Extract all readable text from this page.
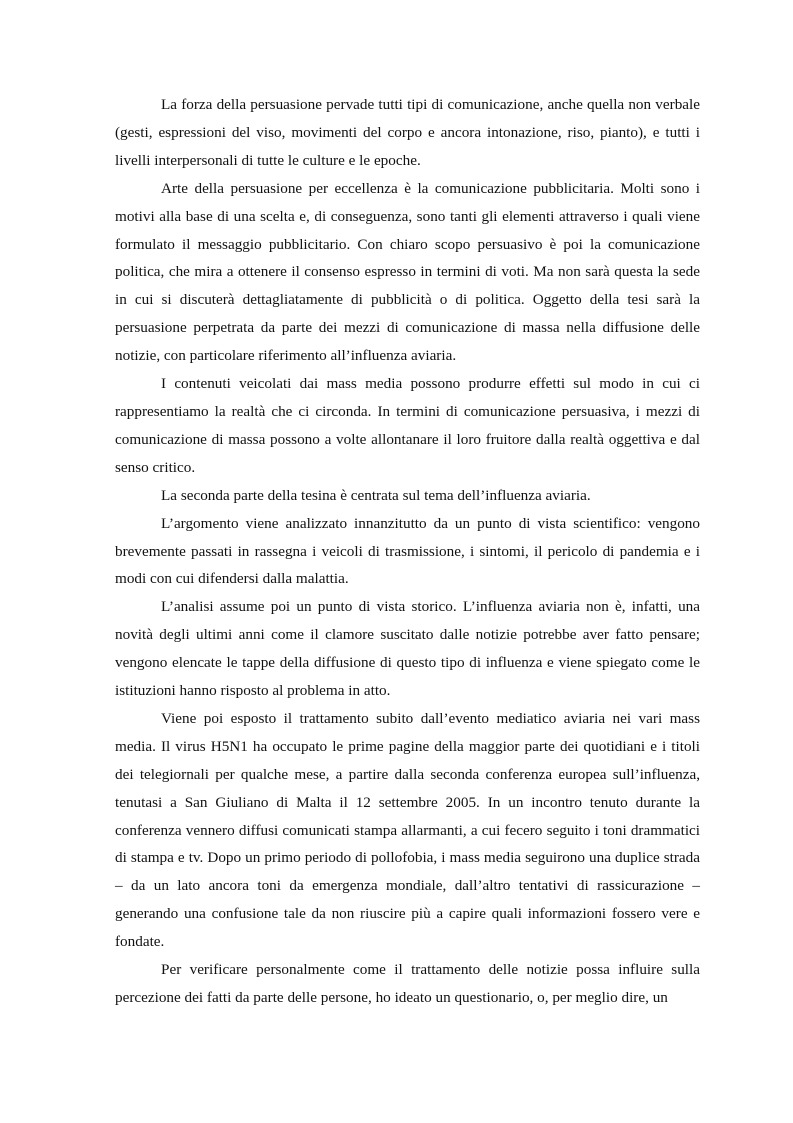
La forza della persuasione pervade tutti tipi di comunicazione, anche quella non verbale (gesti, espressioni del viso, movimenti del corpo e ancora intonazione, riso, pianto), e tutti i livelli interpersonali di tutte le culture e le epoche.

Arte della persuasione per eccellenza è la comunicazione pubblicitaria. Molti sono i motivi alla base di una scelta e, di conseguenza, sono tanti gli elementi attraverso i quali viene formulato il messaggio pubblicitario. Con chiaro scopo persuasivo è poi la comunicazione politica, che mira a ottenere il consenso espresso in termini di voti. Ma non sarà questa la sede in cui si discuterà dettagliatamente di pubblicità o di politica. Oggetto della tesi sarà la persuasione perpetrata da parte dei mezzi di comunicazione di massa nella diffusione delle notizie, con particolare riferimento all’influenza aviaria.

I contenuti veicolati dai mass media possono produrre effetti sul modo in cui ci rappresentiamo la realtà che ci circonda. In termini di comunicazione persuasiva, i mezzi di comunicazione di massa possono a volte allontanare il loro fruitore dalla realtà oggettiva e dal senso critico.

La seconda parte della tesina è centrata sul tema dell’influenza aviaria.

L’argomento viene analizzato innanzitutto da un punto di vista scientifico: vengono brevemente passati in rassegna i veicoli di trasmissione, i sintomi, il pericolo di pandemia e i modi con cui difendersi dalla malattia.

L’analisi assume poi un punto di vista storico. L’influenza aviaria non è, infatti, una novità degli ultimi anni come il clamore suscitato dalle notizie potrebbe aver fatto pensare; vengono elencate le tappe della diffusione di questo tipo di influenza e viene spiegato come le istituzioni hanno risposto al problema in atto.

Viene poi esposto il trattamento subito dall’evento mediatico aviaria nei vari mass media. Il virus H5N1 ha occupato le prime pagine della maggior parte dei quotidiani e i titoli dei telegiornali per qualche mese, a partire dalla seconda conferenza europea sull’influenza, tenutasi a San Giuliano di Malta il 12 settembre 2005. In un incontro tenuto durante la conferenza vennero diffusi comunicati stampa allarmanti, a cui fecero seguito i toni drammatici di stampa e tv. Dopo un primo periodo di pollofobia, i mass media seguirono una duplice strada – da un lato ancora toni da emergenza mondiale, dall’altro tentativi di rassicurazione – generando una confusione tale da non riuscire più a capire quali informazioni fossero vere e fondate.

Per verificare personalmente come il trattamento delle notizie possa influire sulla percezione dei fatti da parte delle persone, ho ideato un questionario, o, per meglio dire, un
